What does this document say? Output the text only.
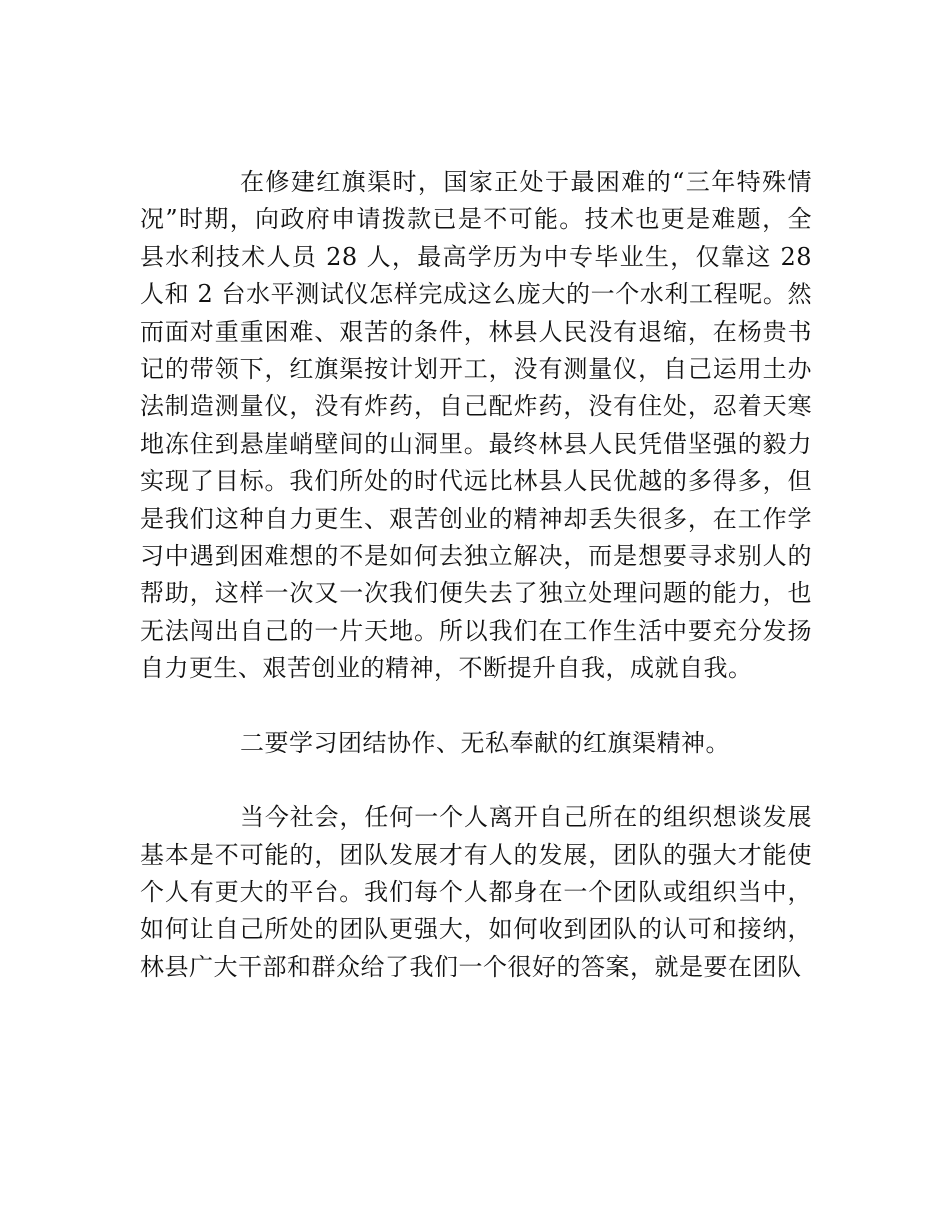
在修建红旗渠时，国家正处于最困难的“三年特殊情况”时期，向政府申请拨款已是不可能。技术也更是难题，全县水利技术人员 28 人，最高学历为中专毕业生，仅靠这 28 人和 2 台水平测试仪怎样完成这么庞大的一个水利工程呢。然而面对重重困难、艰苦的条件，林县人民没有退缩，在杨贵书记的带领下，红旗渠按计划开工，没有测量仪，自己运用土办法制造测量仪，没有炸药，自己配炸药，没有住处，忍着天寒地冻住到悬崖峭壁间的山洞里。最终林县人民凭借坚强的毅力实现了目标。我们所处的时代远比林县人民优越的多得多，但是我们这种自力更生、艰苦创业的精神却丢失很多，在工作学习中遇到困难想的不是如何去独立解决，而是想要寻求别人的帮助，这样一次又一次我们便失去了独立处理问题的能力，也无法闯出自己的一片天地。所以我们在工作生活中要充分发扬自力更生、艰苦创业的精神，不断提升自我，成就自我。

二要学习团结协作、无私奉献的红旗渠精神。

当今社会，任何一个人离开自己所在的组织想谈发展基本是不可能的，团队发展才有人的发展，团队的强大才能使个人有更大的平台。我们每个人都身在一个团队或组织当中，如何让自己所处的团队更强大，如何收到团队的认可和接纳，林县广大干部和群众给了我们一个很好的答案，就是要在团队
